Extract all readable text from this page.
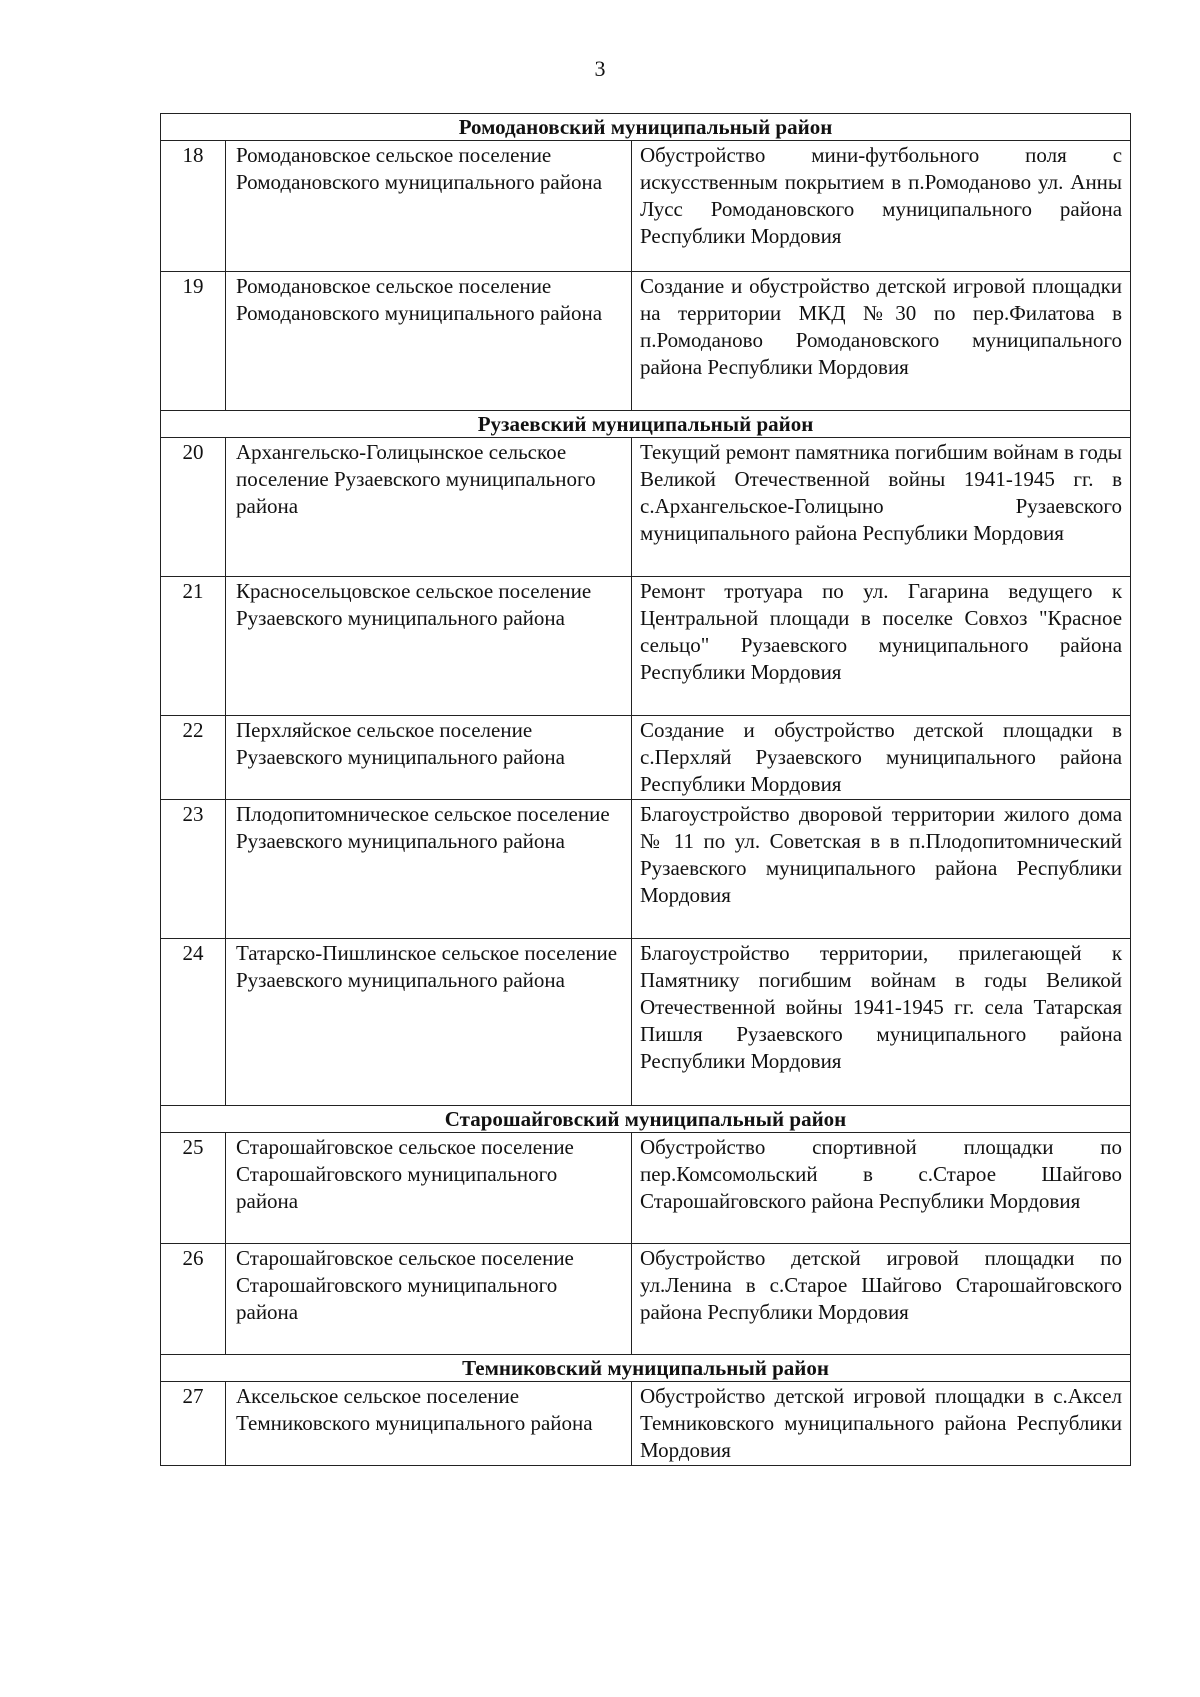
3
Ромодановский муниципальный район		
18	Ромодановское сельское поселение Ромодановского муниципального района	Обустройство мини-футбольного поля с искусственным покрытием в п.Ромоданово ул. Анны Лусс Ромодановского муниципального района Республики Мордовия
19	Ромодановское сельское поселение Ромодановского муниципального района	Создание и обустройство детской игровой площадки на территории МКД №30 по пер.Филатова в п.Ромоданово Ромодановского муниципального района Республики Мордовия
Рузаевский муниципальный район		
20	Архангельско-Голицынское сельское поселение Рузаевского муниципального района	Текущий ремонт памятника погибшим войнам в годы Великой Отечественной войны 1941-1945 гг. в с.Архангельское-Голицыно Рузаевского муниципального района Республики Мордовия
21	Красносельцовское сельское поселение Рузаевского муниципального района	Ремонт тротуара по ул. Гагарина ведущего к Центральной площади в поселке Совхоз "Красное сельцо" Рузаевского муниципального района Республики Мордовия
22	Перхляйское сельское поселение Рузаевского муниципального района	Создание и обустройство детской площадки в с.Перхляй Рузаевского муниципального района Республики Мордовия
23	Плодопитомническое сельское поселение Рузаевского муниципального района	Благоустройство дворовой территории жилого дома № 11 по ул. Советская в в п.Плодопитомнический Рузаевского муниципального района Республики Мордовия
24	Татарско-Пишлинское сельское поселение Рузаевского муниципального района	Благоустройство территории, прилегающей к Памятнику погибшим войнам в годы Великой Отечественной войны 1941-1945 гг. села Татарская Пишля Рузаевского муниципального района Республики Мордовия
Старошайговский муниципальный район		
25	Старошайговское сельское поселение Старошайговского муниципального района	Обустройство спортивной площадки по пер.Комсомольский в с.Старое Шайгово Старошайговского района Республики Мордовия
26	Старошайговское сельское поселение Старошайговского муниципального района	Обустройство детской игровой площадки по ул.Ленина в с.Старое Шайгово Старошайговского района Республики Мордовия
Темниковский муниципальный район		
27	Аксельское сельское поселение Темниковского муниципального района	Обустройство детской игровой площадки в с.Аксел Темниковского муниципального района Республики Мордовия
